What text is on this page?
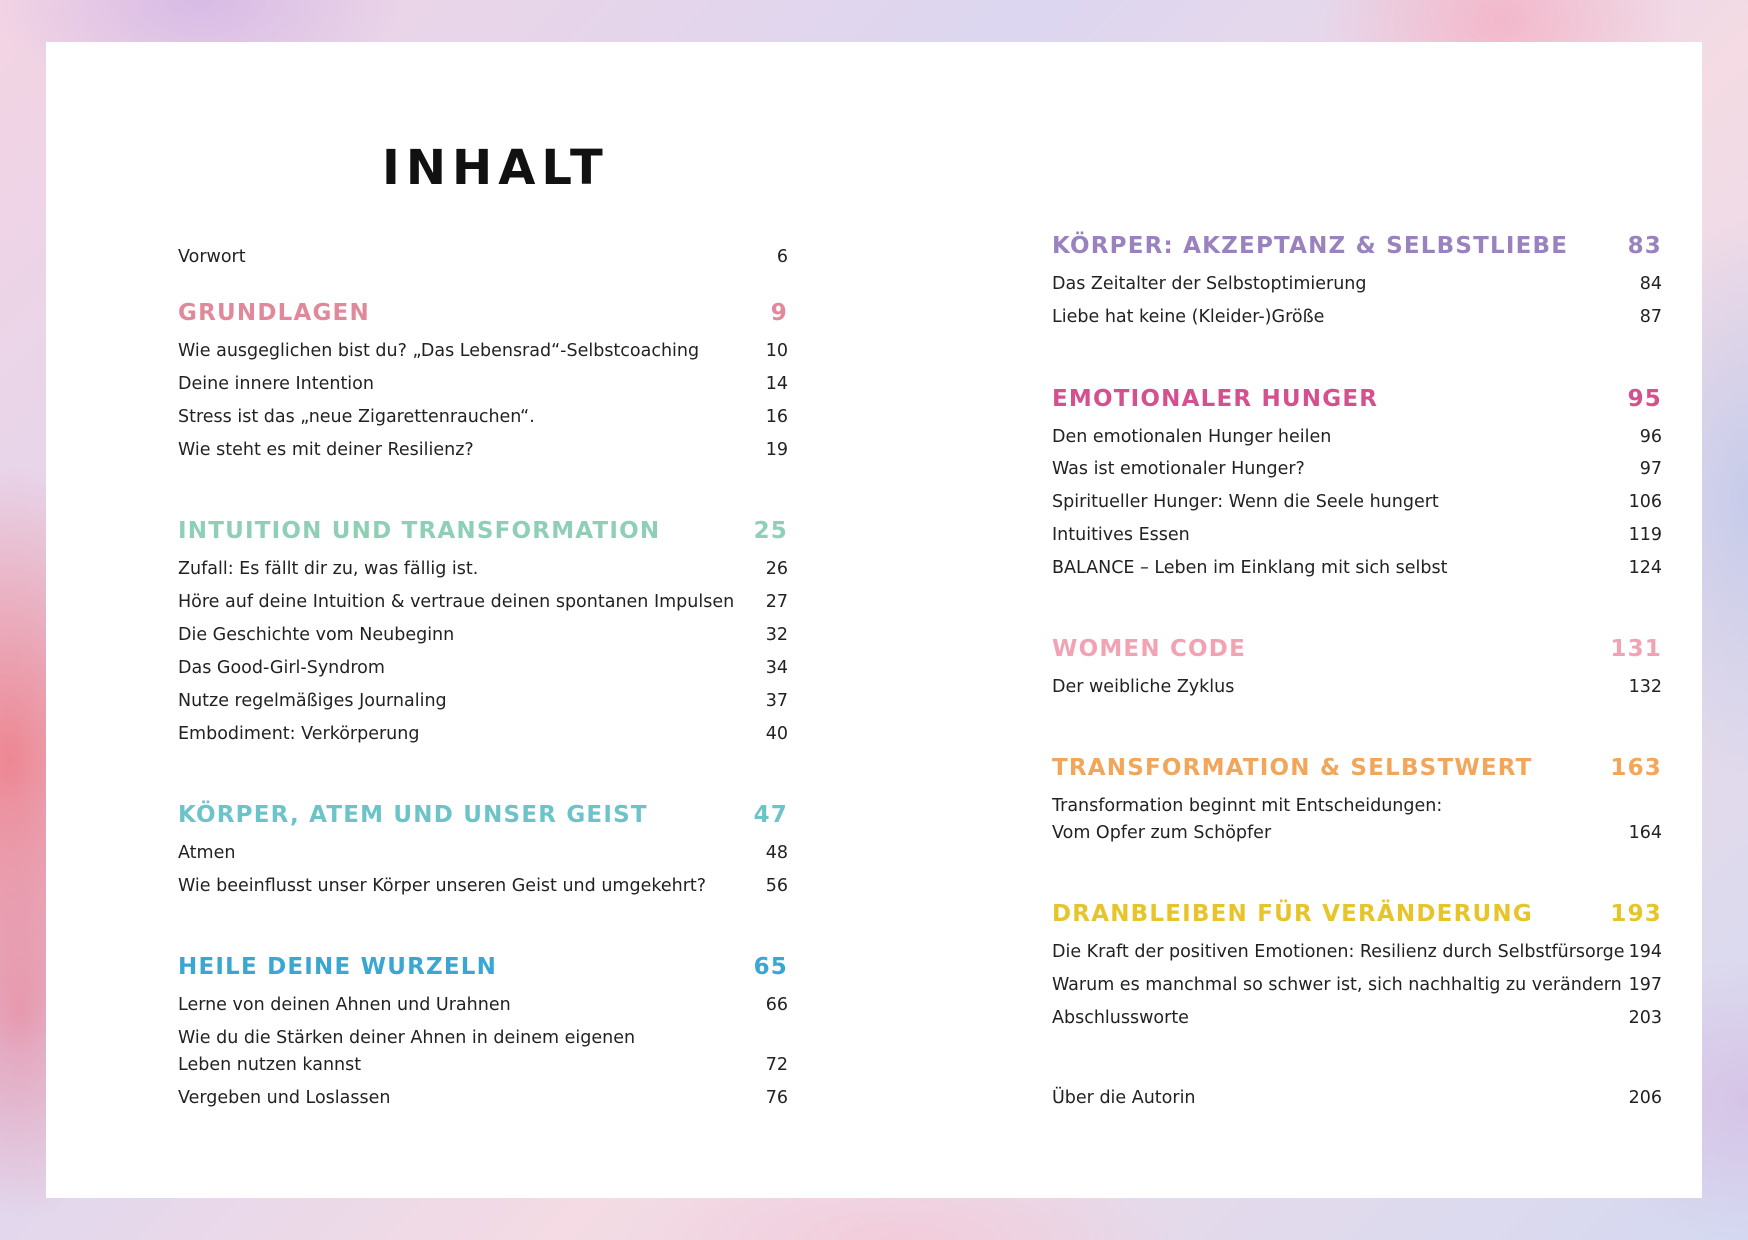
INHALT
Vorwort	6
GRUNDLAGEN	9
Wie ausgeglichen bist du? „Das Lebensrad“-Selbstcoaching	10
Deine innere Intention	14
Stress ist das „neue Zigarettenrauchen“.	16
Wie steht es mit deiner Resilienz?	19
INTUITION UND TRANSFORMATION	25
Zufall: Es fällt dir zu, was fällig ist.	26
Höre auf deine Intuition & vertraue deinen spontanen Impulsen 27
Die Geschichte vom Neubeginn	32
Das Good-Girl-Syndrom	34
Nutze regelmäßiges Journaling	37
Embodiment: Verkörperung	40
KÖRPER, ATEM UND UNSER GEIST	47
Atmen	48
Wie beeinflusst unser Körper unseren Geist und umgekehrt?	56
HEILE DEINE WURZELN	65
Lerne von deinen Ahnen und Urahnen	66
Wie du die Stärken deiner Ahnen in deinem eigenen
Leben nutzen kannst	72
Vergeben und Loslassen	76
KÖRPER: AKZEPTANZ & SELBSTLIEBE	83
Das Zeitalter der Selbstoptimierung	84
Liebe hat keine (Kleider-)Größe	87
EMOTIONALER HUNGER	95
Den emotionalen Hunger heilen	96
Was ist emotionaler Hunger?	97
Spiritueller Hunger: Wenn die Seele hungert	106
Intuitives Essen	119
BALANCE – Leben im Einklang mit sich selbst	124
WOMEN CODE	131
Der weibliche Zyklus	132
TRANSFORMATION & SELBSTWERT	163
Transformation beginnt mit Entscheidungen:
Vom Opfer zum Schöpfer	164
DRANBLEIBEN FÜR VERÄNDERUNG	193
Die Kraft der positiven Emotionen: Resilienz durch Selbstfürsorge 194
Warum es manchmal so schwer ist, sich nachhaltig zu verändern 197
Abschlussworte	203
Über die Autorin	206
